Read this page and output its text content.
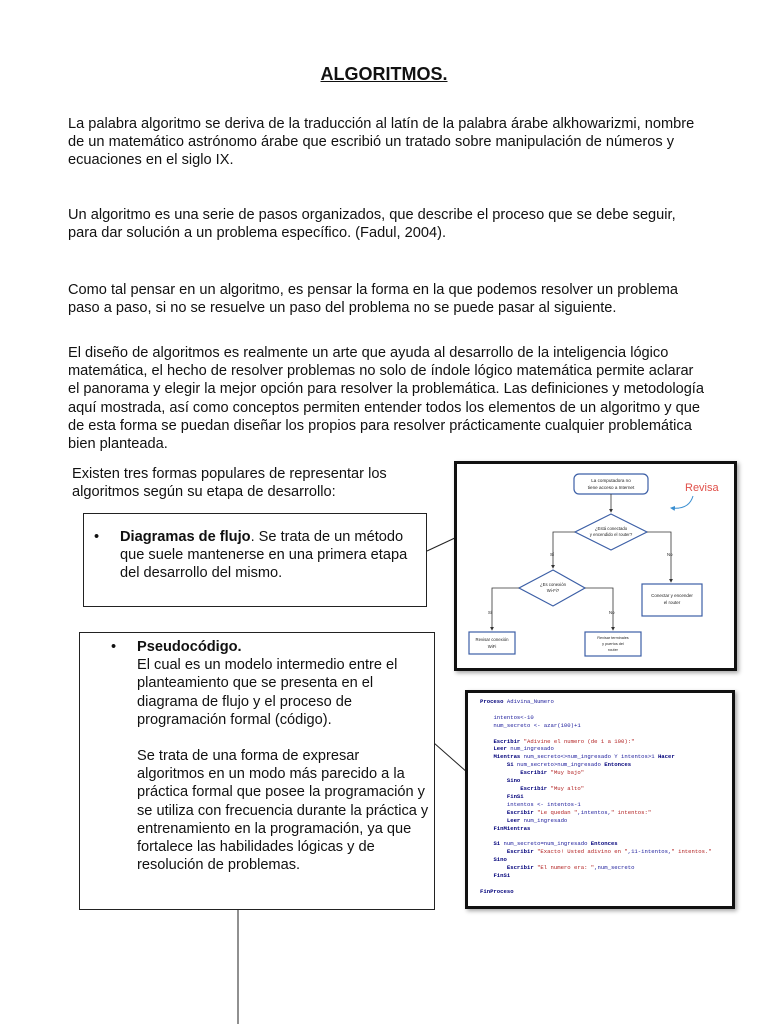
ALGORITMOS.
La palabra algoritmo se deriva de la traducción al latín de la palabra árabe alkhowarizmi, nombre de un matemático astrónomo árabe que escribió un tratado sobre manipulación de números y ecuaciones en el siglo IX.
Un algoritmo es una serie de pasos organizados, que describe el proceso que se debe seguir, para dar solución a un problema específico. (Fadul, 2004).
Como tal pensar en un algoritmo, es pensar la forma en la que podemos resolver un problema paso a paso, si no se resuelve un paso del problema no se puede pasar al siguiente.
El diseño de algoritmos es realmente un arte que ayuda al desarrollo de la inteligencia lógico matemática, el hecho de resolver problemas no solo de índole lógico matemática permite aclarar el panorama y elegir la mejor opción para resolver la problemática. Las definiciones y metodología aquí mostrada, así como conceptos permiten entender todos los elementos de un algoritmo y que de esta forma se puedan diseñar los propios para resolver prácticamente cualquier problemática bien planteada.
Existen tres formas populares de representar los algoritmos según su etapa de desarrollo:
• Diagramas de flujo. Se trata de un método que suele mantenerse en una primera etapa del desarrollo del mismo.
• Pseudocódigo.
El cual es un modelo intermedio entre el planteamiento que se presenta en el diagrama de flujo y el proceso de programación formal (código).
Se trata de una forma de expresar algoritmos en un modo más parecido a la práctica formal que posee la programación y se utiliza con frecuencia durante la práctica y entrenamiento en la programación, ya que fortalece las habilidades lógicas y de resolución de problemas.
La computadora no
tiene acceso a Internet	Revisa
¿Está conectado
y encendido el router?
Sí	No
¿Es conexión
Wi-Fi?
Conectar y encender
el router
Sí	No
Revisar conexión
WiFi
Revisar terminales
y puertos del
router
Proceso Adivina_Numero

intentos<-10
num_secreto <- azar(100)+1

Escribir "Adivine el numero (de 1 a 100):"
Leer num_ingresado
Mientras num_secreto<>num_ingresado Y intentos>1 Hacer
Si num_secreto>num_ingresado Entonces
Escribir "Muy bajo"
Sino
Escribir "Muy alto"
FinSi
intentos <- intentos-1
Escribir "Le quedan ",intentos," intentos:"
Leer num_ingresado
FinMientras

Si num_secreto=num_ingresado Entonces
Escribir "Exacto! Usted adivino en ",11-intentos," intentos."
Sino
Escribir "El numero era: ",num_secreto
FinSi

FinProceso
